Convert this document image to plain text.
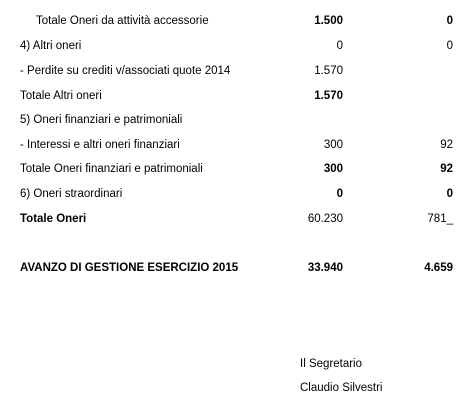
Totale Oneri da attività accessorie	1.500	0
4) Altri oneri	0	0
- Perdite su crediti v/associati quote 2014	1.570
Totale Altri oneri	1.570
5) Oneri finanziari e patrimoniali
- Interessi e altri oneri finanziari	300	92
Totale Oneri finanziari e patrimoniali	300	92
6) Oneri straordinari	0	0
Totale Oneri	60.230	781_
AVANZO DI GESTIONE ESERCIZIO 2015	33.940	4.659
Il Segretario
Claudio Silvestri
